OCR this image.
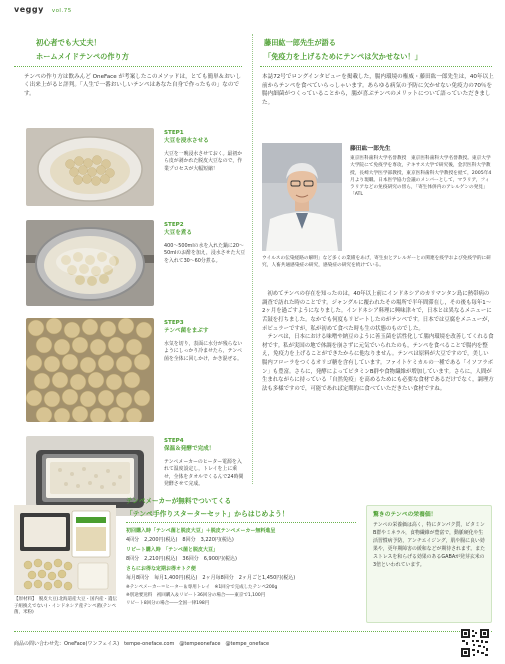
veggy vol.75
初心者でも大丈夫！
ホームメイドテンペの作り方
テンペの作り方は飲みんど OneFace が考案したこのメソッドは，とても簡単＆おいしく出来上がると評判。「人生で一番おいしいテンペはあなた自身で作ったもの」なのです。
STEP1
大豆を浸水させる
大豆を一晩浸水させておく。最初から皮が剥かれた脱皮大豆なので，作業プロセスが大幅短縮！
STEP2
大豆を煮る
400〜500mlの水を入れた鍋に20〜50mlのお酢を加え，浸水させた大豆を入れて30〜60分煮る。
STEP3
テンペ菌をまぶす
水気を切り，表面に水分が残らないようにしっかり冷ませたら，テンペ菌を全体に回しかけ，かき混ぜる。
STEP4
保温＆発酵で完成！
テンペメーカーのヒーター電源を入れて温度設定し，トレイを上に乗せ，全体をタオルでくるんで24時間発酵させて完成。
藤田紘一郎先生が語る
「免疫力を上げるためにテンペは欠かせない！」
本誌72号でロングインタビューを掲載した，腸内環境の権威・藤田紘一郎先生は，40年以上前からテンペを食べていらっしゃいます。あらゆる病気の予防に欠かせない免疫力の70％を腸内細菌がつくっていることから，腸が喜ぶテンペのメリットについて語っていただきました。
藤田紘一郎先生
東京医科歯科大学名誉教授　東京医科歯科大学名誉教授。東京大学大学院にて免疫学を専攻，テキサス大学で研究後，金沢医科大学教授，長崎大学医学部教授，東京医科歯科大学教授を経て，2005年4月より現職。日本医学協力会議のメンバーとして，マラリア，フィラリアなどの免疫研究の傍ら，「寄生体併内のアレルゲンの発見」「ATL
ウイルスの伝染経路の解明」など多くの業績をあげ，寄生虫とアレルギーとの関連を疫学および免疫学的に研究，人畜共通感染症の研究，感染症の研究を続けている。
　初めてテンペの存在を知ったのは，40年以上前にインドネシアのカリマンタン島に熱帯病の調査で訪れた時のことです。ジャングルに覆われたその場所で半年間滞在し，その後も毎年1〜2ヶ月を過ごすようになりました。インドネシア料理に興味津々で，日本とは異なるメニューに舌鼓を打ちました。なかでも何度もリピートしたのがテンペです。日本では豆腐をメニューが，ポピュラーですが，私が初めて食べた時も生の状態のものでした。
　テンペは，日本における味噌や納豆のように善玉菌を活性化して腸内環境を改善してくれる食材です。私が実国の地で体調を崩さずに元気でいられたのも，テンペを食べることで腸内を整え，免疫力を上げることができたからに他なりません。テンペは原料が大豆ですので，美しい腸内フローラをつくるオリゴ糖を含有しています。ファイトケミカルの一種である「イソフラボン」も豊富。さらに，発酵によってビタミンB群や食物繊維が増加しています。さらに，人間が生まれながらに持っている「自然免疫」を高めるためにも必要な食材であるだけでなく，調理方法も多様ですので，可能であれば定期的に食べていただきたい食材ですね。
テンペメーカーが無料でついてくる
「テンペ手作りスターターセット」からはじめよう！
【原材料】　脱皮大豆(北海道産大豆・国内産・遺伝子組換えでない)・インドネシア産テンペ菌(テンペ菌，米粉)
初回購入時「テンペ菌と脱皮大豆」＋脱皮テンペメーカー無料進呈
4回分　2,200円(税込)　8回分　3,220円(税込)
リピート購入時　「テンペ菌と脱皮大豆」
8回分　2,210円(税込)　36回分　6,900円(税込)
さらにお得な定期お得オトク便
毎月8回分　毎月1,400円(税込)　2ヶ月毎8回分　2ヶ月ごと1,450円(税込)
※テンペメーカー＝ヒーター＆専用トレイ　※1回分で完成したテンペ200g
※別途要送料　初回購入＆リピート36回分の場合――東京で1,100円
リピート8回分の場合――全国一律198円
驚きのテンペの栄養価！
テンペの栄養価は高く，特にタンパク質，ビタミンB群やミネラル，食物繊維が豊富で，動脈硬化や生活習慣病予防，アンチエイジング，肌や腸に良い効果や，更年期障害の緩和などが期待されます。またストレスを和らげる効果のあるGABAが発芽玄米の3倍といわれています。
商品の問い合わせ先：OneFace(ワンフェイス)　tempe-oneface.com　@tempeoneface　@tempe_oneface
